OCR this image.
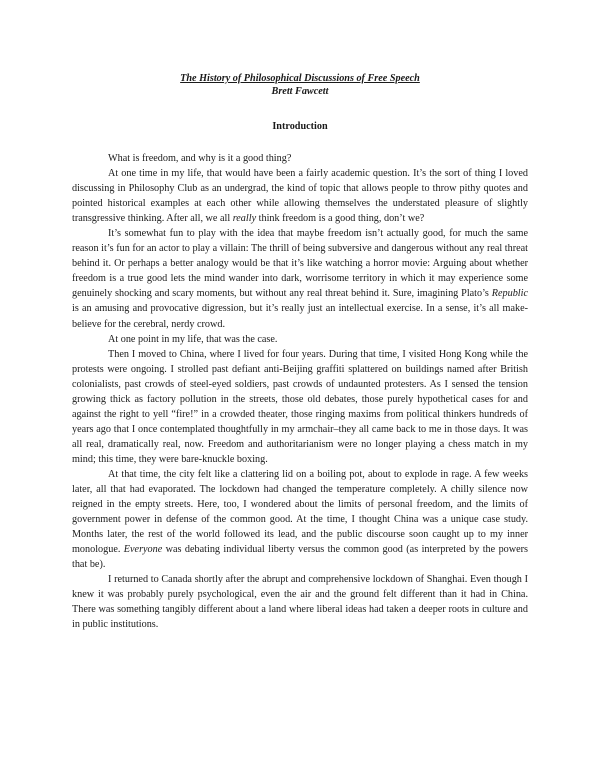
The History of Philosophical Discussions of Free Speech
Brett Fawcett
Introduction

What is freedom, and why is it a good thing?

At one time in my life, that would have been a fairly academic question. It’s the sort of thing I loved discussing in Philosophy Club as an undergrad, the kind of topic that allows people to throw pithy quotes and pointed historical examples at each other while allowing themselves the understated pleasure of slightly transgressive thinking. After all, we all really think freedom is a good thing, don’t we?

It’s somewhat fun to play with the idea that maybe freedom isn’t actually good, for much the same reason it’s fun for an actor to play a villain: The thrill of being subversive and dangerous without any real threat behind it. Or perhaps a better analogy would be that it’s like watching a horror movie: Arguing about whether freedom is a true good lets the mind wander into dark, worrisome territory in which it may experience some genuinely shocking and scary moments, but without any real threat behind it. Sure, imagining Plato’s Republic is an amusing and provocative digression, but it’s really just an intellectual exercise. In a sense, it’s all make-believe for the cerebral, nerdy crowd.

At one point in my life, that was the case.

Then I moved to China, where I lived for four years. During that time, I visited Hong Kong while the protests were ongoing. I strolled past defiant anti-Beijing graffiti splattered on buildings named after British colonialists, past crowds of steel-eyed soldiers, past crowds of undaunted protesters. As I sensed the tension growing thick as factory pollution in the streets, those old debates, those purely hypothetical cases for and against the right to yell “fire!” in a crowded theater, those ringing maxims from political thinkers hundreds of years ago that I once contemplated thoughtfully in my armchair–they all came back to me in those days. It was all real, dramatically real, now. Freedom and authoritarianism were no longer playing a chess match in my mind; this time, they were bare-knuckle boxing.

At that time, the city felt like a clattering lid on a boiling pot, about to explode in rage. A few weeks later, all that had evaporated. The lockdown had changed the temperature completely. A chilly silence now reigned in the empty streets. Here, too, I wondered about the limits of personal freedom, and the limits of government power in defense of the common good. At the time, I thought China was a unique case study. Months later, the rest of the world followed its lead, and the public discourse soon caught up to my inner monologue. Everyone was debating individual liberty versus the common good (as interpreted by the powers that be).

I returned to Canada shortly after the abrupt and comprehensive lockdown of Shanghai. Even though I knew it was probably purely psychological, even the air and the ground felt different than it had in China. There was something tangibly different about a land where liberal ideas had taken a deeper roots in culture and in public institutions.
